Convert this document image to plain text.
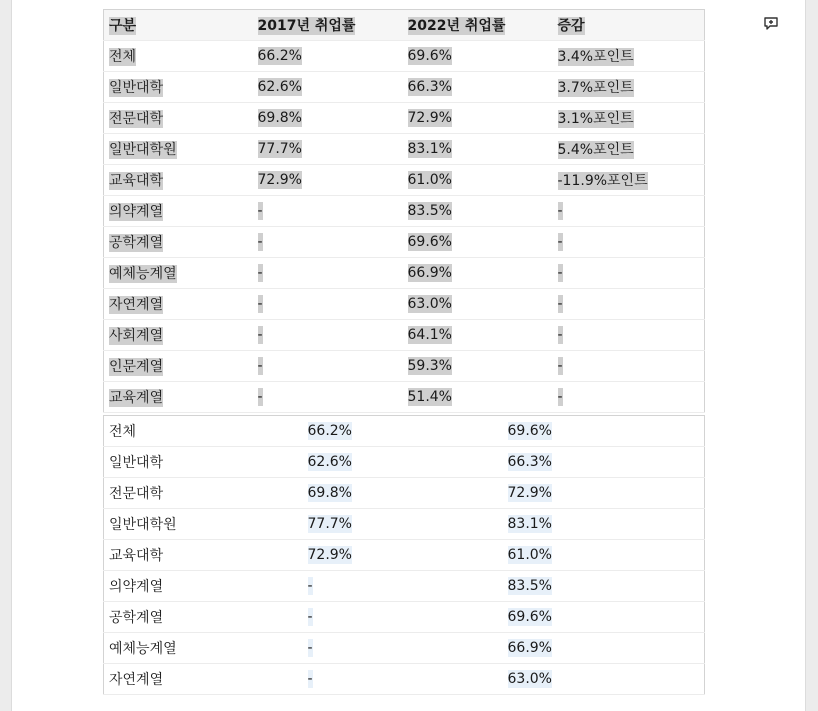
구분	2017년 취업률	2022년 취업률	증감
전체	66.2%	69.6%	3.4%포인트
일반대학	62.6%	66.3%	3.7%포인트
전문대학	69.8%	72.9%	3.1%포인트
일반대학원	77.7%	83.1%	5.4%포인트
교육대학	72.9%	61.0%	-11.9%포인트
의약계열	-	83.5%	-
공학계열	-	69.6%	-
예체능계열	-	66.9%	-
자연계열	-	63.0%	-
사회계열	-	64.1%	-
인문계열	-	59.3%	-
교육계열	-	51.4%	-
전체	66.2%	69.6%
일반대학	62.6%	66.3%
전문대학	69.8%	72.9%
일반대학원	77.7%	83.1%
교육대학	72.9%	61.0%
의약계열	-	83.5%
공학계열	-	69.6%
예체능계열	-	66.9%
자연계열	-	63.0%
